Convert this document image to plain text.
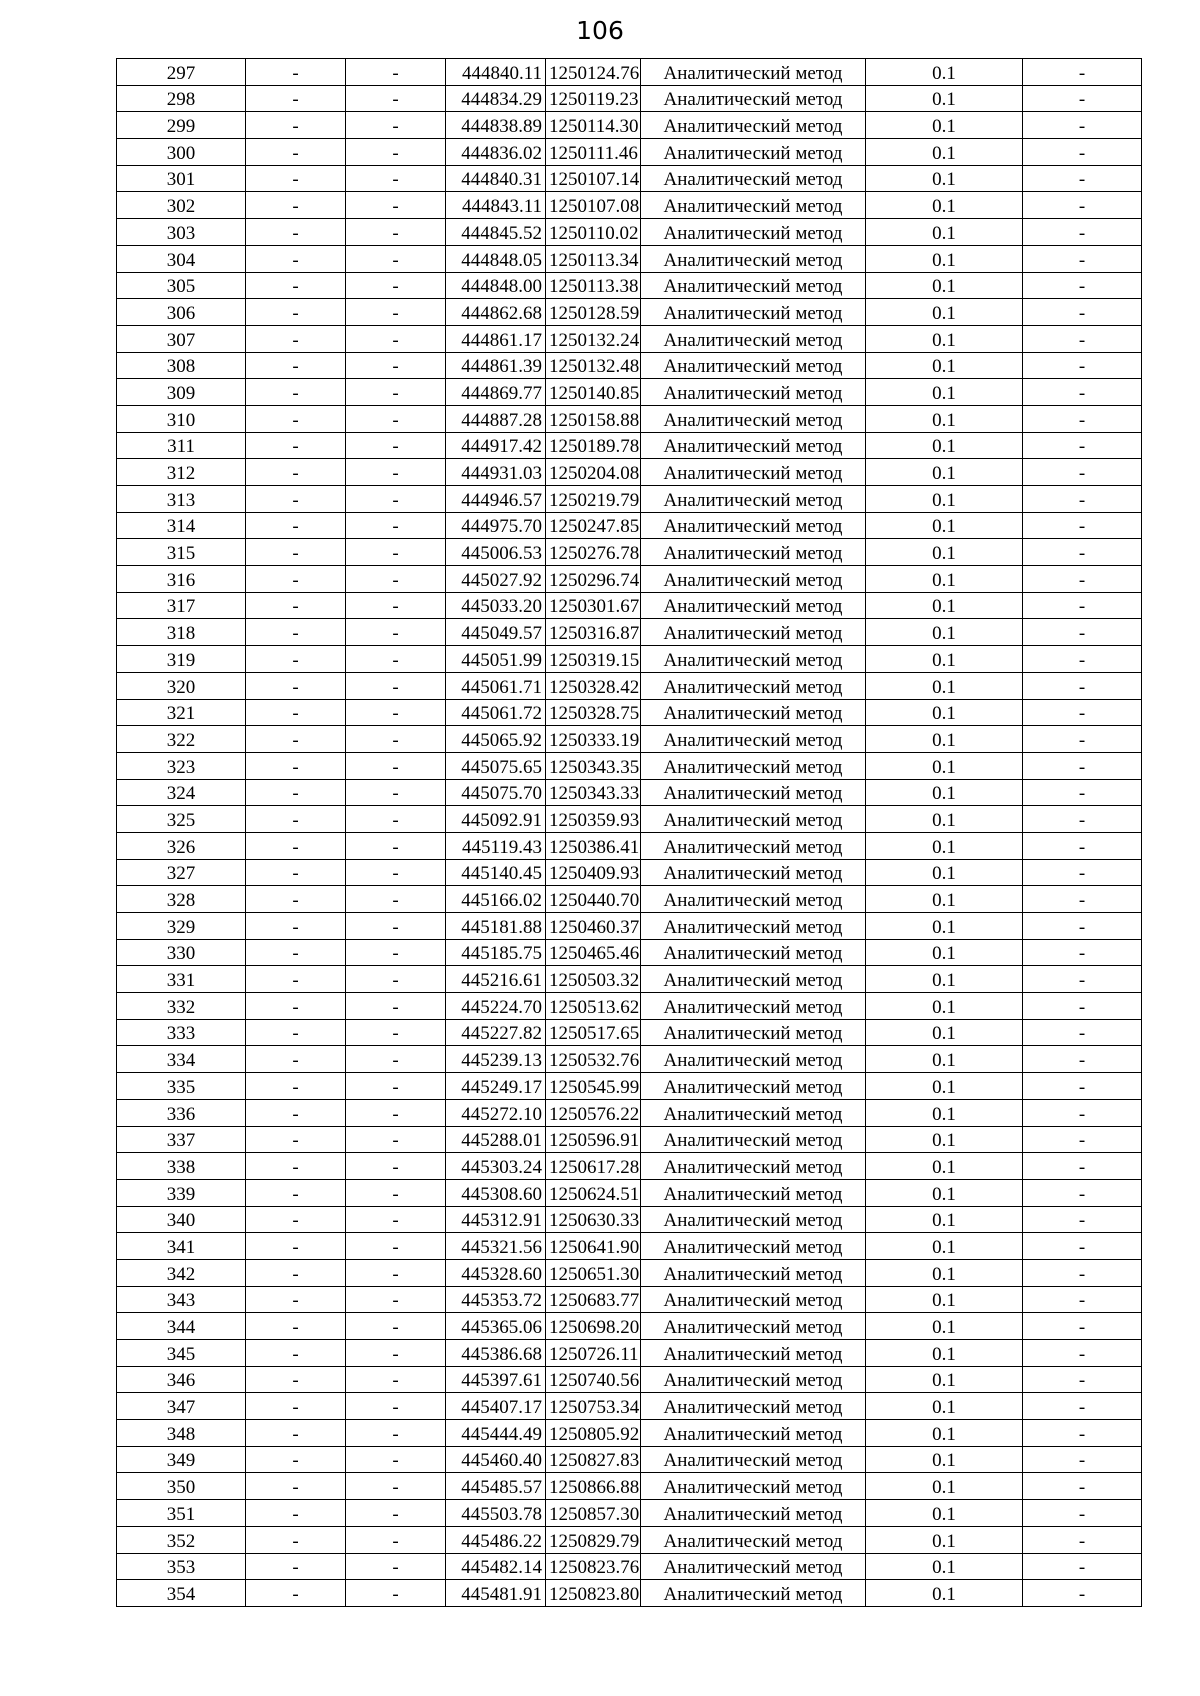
106
297	-	-	444840.11	1250124.76	Аналитический метод	0.1	-
298	-	-	444834.29	1250119.23	Аналитический метод	0.1	-
299	-	-	444838.89	1250114.30	Аналитический метод	0.1	-
300	-	-	444836.02	1250111.46	Аналитический метод	0.1	-
301	-	-	444840.31	1250107.14	Аналитический метод	0.1	-
302	-	-	444843.11	1250107.08	Аналитический метод	0.1	-
303	-	-	444845.52	1250110.02	Аналитический метод	0.1	-
304	-	-	444848.05	1250113.34	Аналитический метод	0.1	-
305	-	-	444848.00	1250113.38	Аналитический метод	0.1	-
306	-	-	444862.68	1250128.59	Аналитический метод	0.1	-
307	-	-	444861.17	1250132.24	Аналитический метод	0.1	-
308	-	-	444861.39	1250132.48	Аналитический метод	0.1	-
309	-	-	444869.77	1250140.85	Аналитический метод	0.1	-
310	-	-	444887.28	1250158.88	Аналитический метод	0.1	-
311	-	-	444917.42	1250189.78	Аналитический метод	0.1	-
312	-	-	444931.03	1250204.08	Аналитический метод	0.1	-
313	-	-	444946.57	1250219.79	Аналитический метод	0.1	-
314	-	-	444975.70	1250247.85	Аналитический метод	0.1	-
315	-	-	445006.53	1250276.78	Аналитический метод	0.1	-
316	-	-	445027.92	1250296.74	Аналитический метод	0.1	-
317	-	-	445033.20	1250301.67	Аналитический метод	0.1	-
318	-	-	445049.57	1250316.87	Аналитический метод	0.1	-
319	-	-	445051.99	1250319.15	Аналитический метод	0.1	-
320	-	-	445061.71	1250328.42	Аналитический метод	0.1	-
321	-	-	445061.72	1250328.75	Аналитический метод	0.1	-
322	-	-	445065.92	1250333.19	Аналитический метод	0.1	-
323	-	-	445075.65	1250343.35	Аналитический метод	0.1	-
324	-	-	445075.70	1250343.33	Аналитический метод	0.1	-
325	-	-	445092.91	1250359.93	Аналитический метод	0.1	-
326	-	-	445119.43	1250386.41	Аналитический метод	0.1	-
327	-	-	445140.45	1250409.93	Аналитический метод	0.1	-
328	-	-	445166.02	1250440.70	Аналитический метод	0.1	-
329	-	-	445181.88	1250460.37	Аналитический метод	0.1	-
330	-	-	445185.75	1250465.46	Аналитический метод	0.1	-
331	-	-	445216.61	1250503.32	Аналитический метод	0.1	-
332	-	-	445224.70	1250513.62	Аналитический метод	0.1	-
333	-	-	445227.82	1250517.65	Аналитический метод	0.1	-
334	-	-	445239.13	1250532.76	Аналитический метод	0.1	-
335	-	-	445249.17	1250545.99	Аналитический метод	0.1	-
336	-	-	445272.10	1250576.22	Аналитический метод	0.1	-
337	-	-	445288.01	1250596.91	Аналитический метод	0.1	-
338	-	-	445303.24	1250617.28	Аналитический метод	0.1	-
339	-	-	445308.60	1250624.51	Аналитический метод	0.1	-
340	-	-	445312.91	1250630.33	Аналитический метод	0.1	-
341	-	-	445321.56	1250641.90	Аналитический метод	0.1	-
342	-	-	445328.60	1250651.30	Аналитический метод	0.1	-
343	-	-	445353.72	1250683.77	Аналитический метод	0.1	-
344	-	-	445365.06	1250698.20	Аналитический метод	0.1	-
345	-	-	445386.68	1250726.11	Аналитический метод	0.1	-
346	-	-	445397.61	1250740.56	Аналитический метод	0.1	-
347	-	-	445407.17	1250753.34	Аналитический метод	0.1	-
348	-	-	445444.49	1250805.92	Аналитический метод	0.1	-
349	-	-	445460.40	1250827.83	Аналитический метод	0.1	-
350	-	-	445485.57	1250866.88	Аналитический метод	0.1	-
351	-	-	445503.78	1250857.30	Аналитический метод	0.1	-
352	-	-	445486.22	1250829.79	Аналитический метод	0.1	-
353	-	-	445482.14	1250823.76	Аналитический метод	0.1	-
354	-	-	445481.91	1250823.80	Аналитический метод	0.1	-
